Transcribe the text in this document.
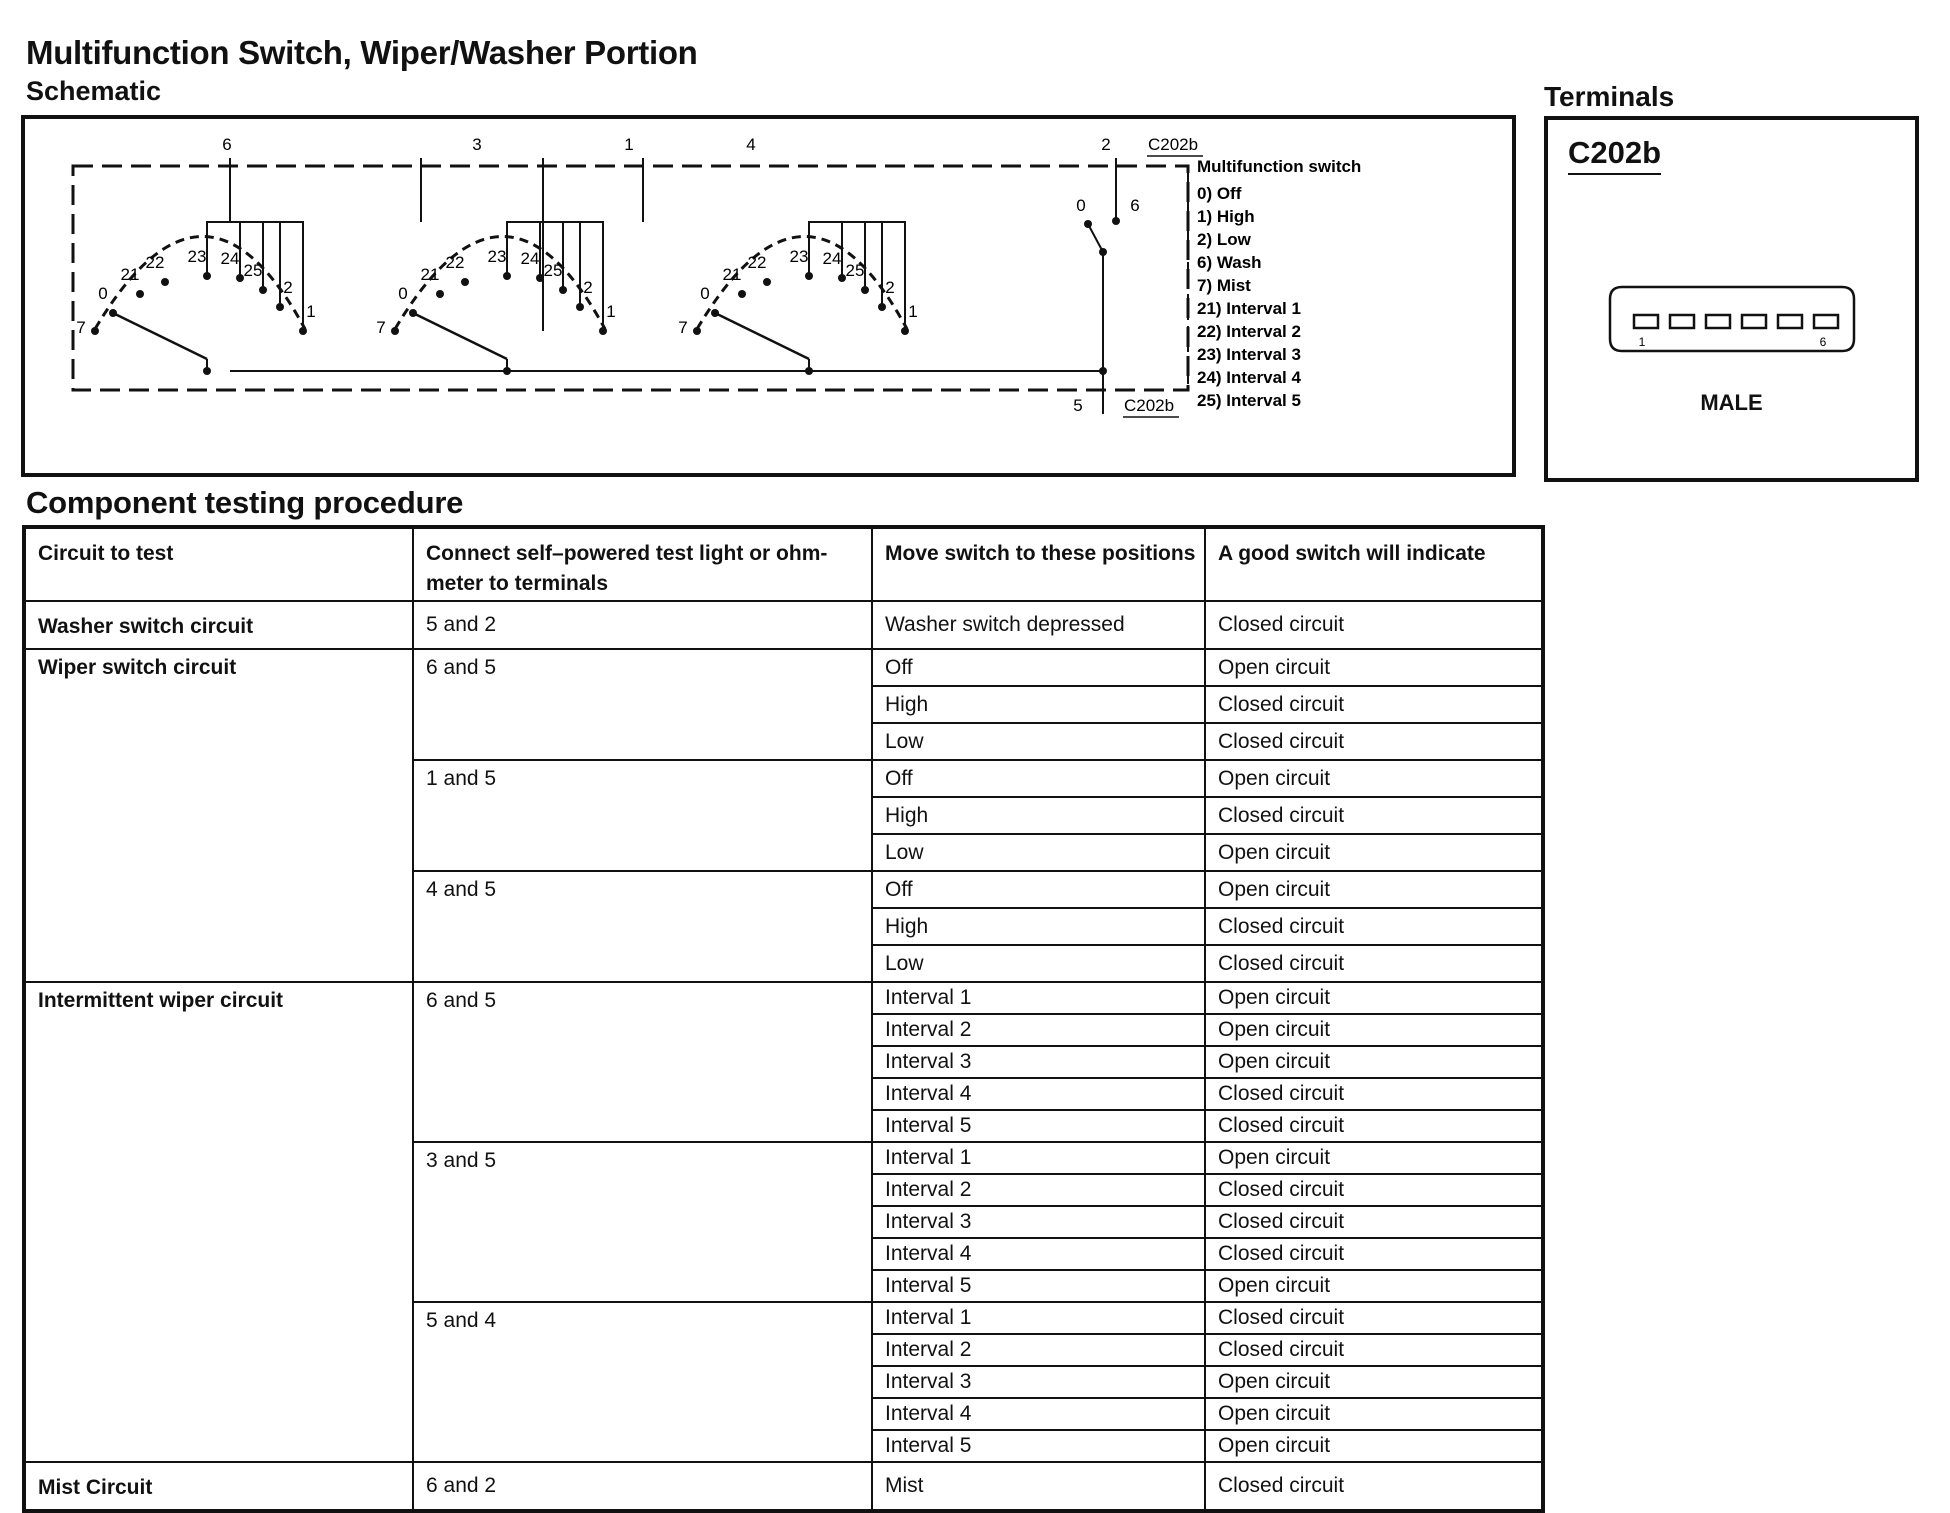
Multifunction Switch, Wiper/Washer Portion
Schematic	Terminals
6	3	1	4	2 C202b
5 C202b
0	6
7
0
21
22 23 24
25
2
1
7
0
21
22 23 24
25
2
1
7
0
21
22 23 24
25
2
1
Multifunction switch
0) Off
1) High
2) Low
6) Wash
7) Mist
21) Interval 1
22) Interval 2
23) Interval 3
24) Interval 4
25) Interval 5
C202b
1	6
MALE
Component testing procedure
Circuit to test	Connect self–powered test light or ohm-meter to terminals	Move switch to these positions	A good switch will indicate
Washer switch circuit	5 and 2	Washer switch depressed	Closed circuit
Wiper switch circuit	6 and 5	Off	Open circuit
		High	Closed circuit
		Low	Closed circuit
	1 and 5	Off	Open circuit
		High	Closed circuit
		Low	Open circuit
	4 and 5	Off	Open circuit
		High	Closed circuit
		Low	Closed circuit
Intermittent wiper circuit	6 and 5	Interval 1	Open circuit
		Interval 2	Open circuit
		Interval 3	Open circuit
		Interval 4	Closed circuit
		Interval 5	Closed circuit
	3 and 5	Interval 1	Open circuit
		Interval 2	Closed circuit
		Interval 3	Closed circuit
		Interval 4	Closed circuit
		Interval 5	Open circuit
	5 and 4	Interval 1	Closed circuit
		Interval 2	Closed circuit
		Interval 3	Open circuit
		Interval 4	Open circuit
		Interval 5	Open circuit
Mist Circuit	6 and 2	Mist	Closed circuit
